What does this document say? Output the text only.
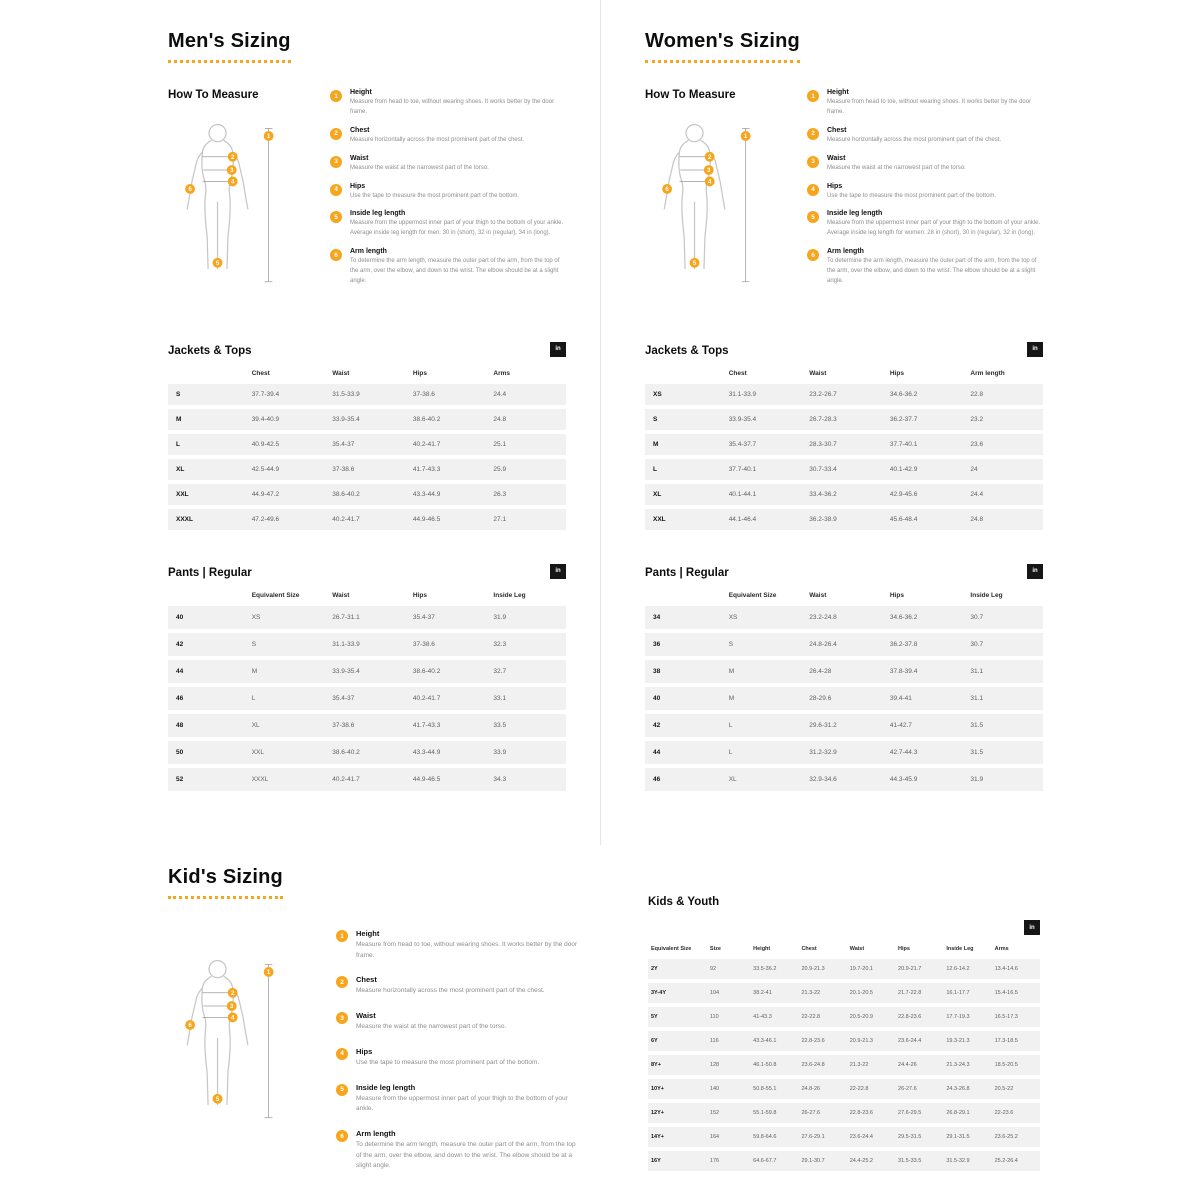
Men's Sizing
How To Measure
1
2
3
4
5
6
1	Height
Measure from head to toe, without wearing shoes. It works better by the door frame.
2	Chest
Measure horizontally across the most prominent part of the chest.
3	Waist
Measure the waist at the narrowest part of the torso.
4	Hips
Use the tape to measure the most prominent part of the bottom.
5	Inside leg length
Measure from the uppermost inner part of your thigh to the bottom of your ankle. Average inside leg length for men: 30 in (short), 32 in (regular), 34 in (long).
6	Arm length
To determine the arm length, measure the outer part of the arm, from the top of the arm, over the elbow, and down to the wrist. The elbow should be at a slight angle.
Jackets & Tops	in
	Chest	Waist	Hips	Arms
S	37.7-39.4	31.5-33.9	37-38.6	24.4
M	39.4-40.9	33.9-35.4	38.6-40.2	24.8
L	40.9-42.5	35.4-37	40.2-41.7	25.1
XL	42.5-44.9	37-38.6	41.7-43.3	25.9
XXL	44.9-47.2	38.6-40.2	43.3-44.9	26.3
XXXL	47.2-49.6	40.2-41.7	44.9-46.5	27.1
Pants | Regular	in
	Equivalent Size	Waist	Hips	Inside Leg
40	XS	26.7-31.1	35.4-37	31.9
42	S	31.1-33.9	37-38.6	32.3
44	M	33.9-35.4	38.6-40.2	32.7
46	L	35.4-37	40.2-41.7	33.1
48	XL	37-38.6	41.7-43.3	33.5
50	XXL	38.6-40.2	43.3-44.9	33.9
52	XXXL	40.2-41.7	44.9-46.5	34.3
Women's Sizing
How To Measure
1
2
3
4
5
6
1	Height
Measure from head to toe, without wearing shoes. It works better by the door frame.
2	Chest
Measure horizontally across the most prominent part of the chest.
3	Waist
Measure the waist at the narrowest part of the torso.
4	Hips
Use the tape to measure the most prominent part of the bottom.
5	Inside leg length
Measure from the uppermost inner part of your thigh to the bottom of your ankle. Average inside leg length for women: 28 in (short), 30 in (regular), 32 in (long).
6	Arm length
To determine the arm length, measure the outer part of the arm, from the top of the arm, over the elbow, and down to the wrist. The elbow should be at a slight angle.
Jackets & Tops	in
	Chest	Waist	Hips	Arm length
XS	31.1-33.9	23.2-26.7	34.6-36.2	22.8
S	33.9-35.4	26.7-28.3	36.2-37.7	23.2
M	35.4-37.7	28.3-30.7	37.7-40.1	23.6
L	37.7-40.1	30.7-33.4	40.1-42.9	24
XL	40.1-44.1	33.4-36.2	42.9-45.6	24.4
XXL	44.1-46.4	36.2-38.9	45.6-48.4	24.8
Pants | Regular	in
	Equivalent Size	Waist	Hips	Inside Leg
34	XS	23.2-24.8	34.6-36.2	30.7
36	S	24.8-26.4	36.2-37.8	30.7
38	M	26.4-28	37.8-39.4	31.1
40	M	28-29.6	39.4-41	31.1
42	L	29.6-31.2	41-42.7	31.5
44	L	31.2-32.9	42.7-44.3	31.5
46	XL	32.9-34.6	44.3-45.9	31.9
Kid's Sizing
1
2
3
4
5
6
1	Height
Measure from head to toe, without wearing shoes. It works better by the door frame.
2	Chest
Measure horizontally across the most prominent part of the chest.
3	Waist
Measure the waist at the narrowest part of the torso.
4	Hips
Use the tape to measure the most prominent part of the bottom.
5	Inside leg length
Measure from the uppermost inner part of your thigh to the bottom of your ankle.
6	Arm length
To determine the arm length, measure the outer part of the arm, from the top of the arm, over the elbow, and down to the wrist. The elbow should be at a slight angle.
Kids & Youth
in
Equivalent Size	Size	Height	Chest	Waist	Hips	Inside Leg	Arms
2Y	92	33.5-36.2	20.9-21.3	19.7-20.1	20.9-21.7	12.6-14.2	13.4-14.6
3Y-4Y	104	38.2-41	21.3-22	20.1-20.5	21.7-22.8	16.1-17.7	15.4-16.5
5Y	110	41-43.3	22-22.8	20.5-20.9	22.8-23.6	17.7-19.3	16.5-17.3
6Y	116	43.3-46.1	22.8-23.6	20.9-21.3	23.6-24.4	19.3-21.3	17.3-18.5
8Y+	128	46.1-50.8	23.6-24.8	21.3-22	24.4-26	21.3-24.3	18.5-20.5
10Y+	140	50.8-55.1	24.8-26	22-22.8	26-27.6	24.3-26.8	20.5-22
12Y+	152	55.1-59.8	26-27.6	22.8-23.6	27.6-29.5	26.8-29.1	22-23.6
14Y+	164	59.8-64.6	27.6-29.1	23.6-24.4	29.5-31.5	29.1-31.5	23.6-25.2
16Y	176	64.6-67.7	29.1-30.7	24.4-25.2	31.5-33.5	31.5-32.9	25.2-26.4
